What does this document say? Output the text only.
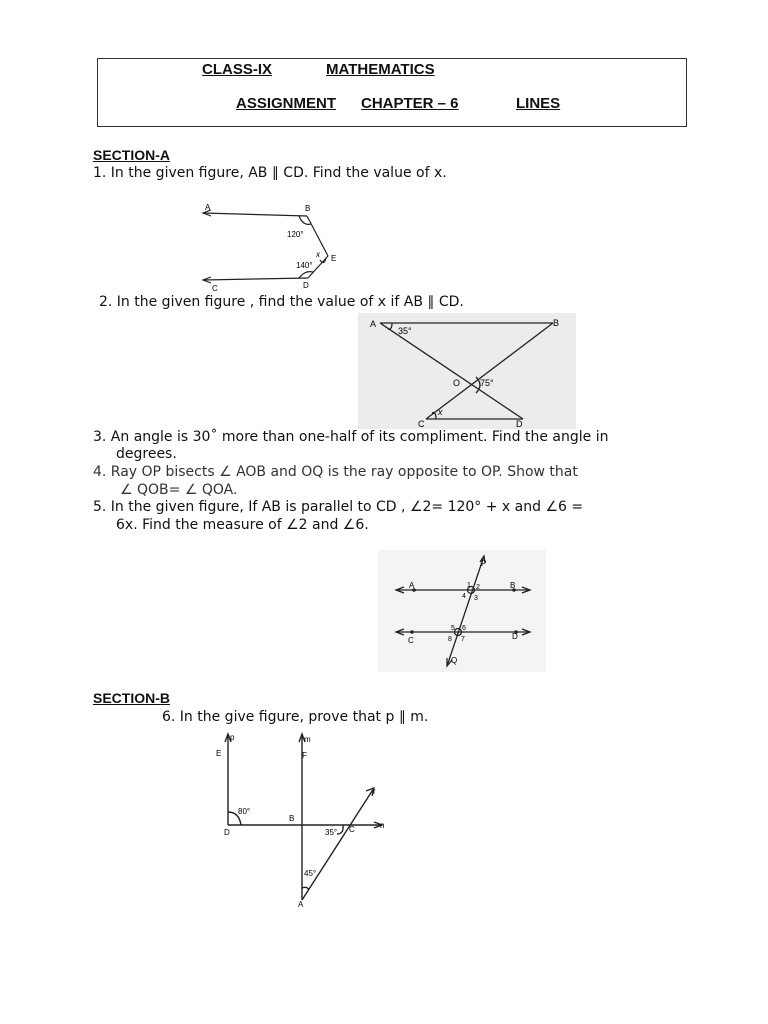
CLASS-IX	MATHEMATICS
ASSIGNMENT CHAPTER – 6	LINES
SECTION-A
1. In the given figure, AB ∥ CD. Find the value of x.
A	B
120°
x E
140°
C	D
2. In the given figure , find the value of x if AB ∥ CD.
A
35°
B
O 75°
x
C	D
3. An angle is 30˚ more than one-half of its compliment. Find the angle in
degrees.
4. Ray OP bisects ∠ AOB and OQ is the ray opposite to OP. Show that
∠ QOB= ∠ QOA.
5. In the given figure, If AB is parallel to CD , ∠2= 120° + x and ∠6 =
6x. Find the measure of ∠2 and ∠6.
P
A	B
1 2
3
4
5 6
7
8
C	D
Q
SECTION-B
6. In the give figure, prove that p ∥ m.
p	m
E	F
80°
B
D	35° C
r
n
45°
A
